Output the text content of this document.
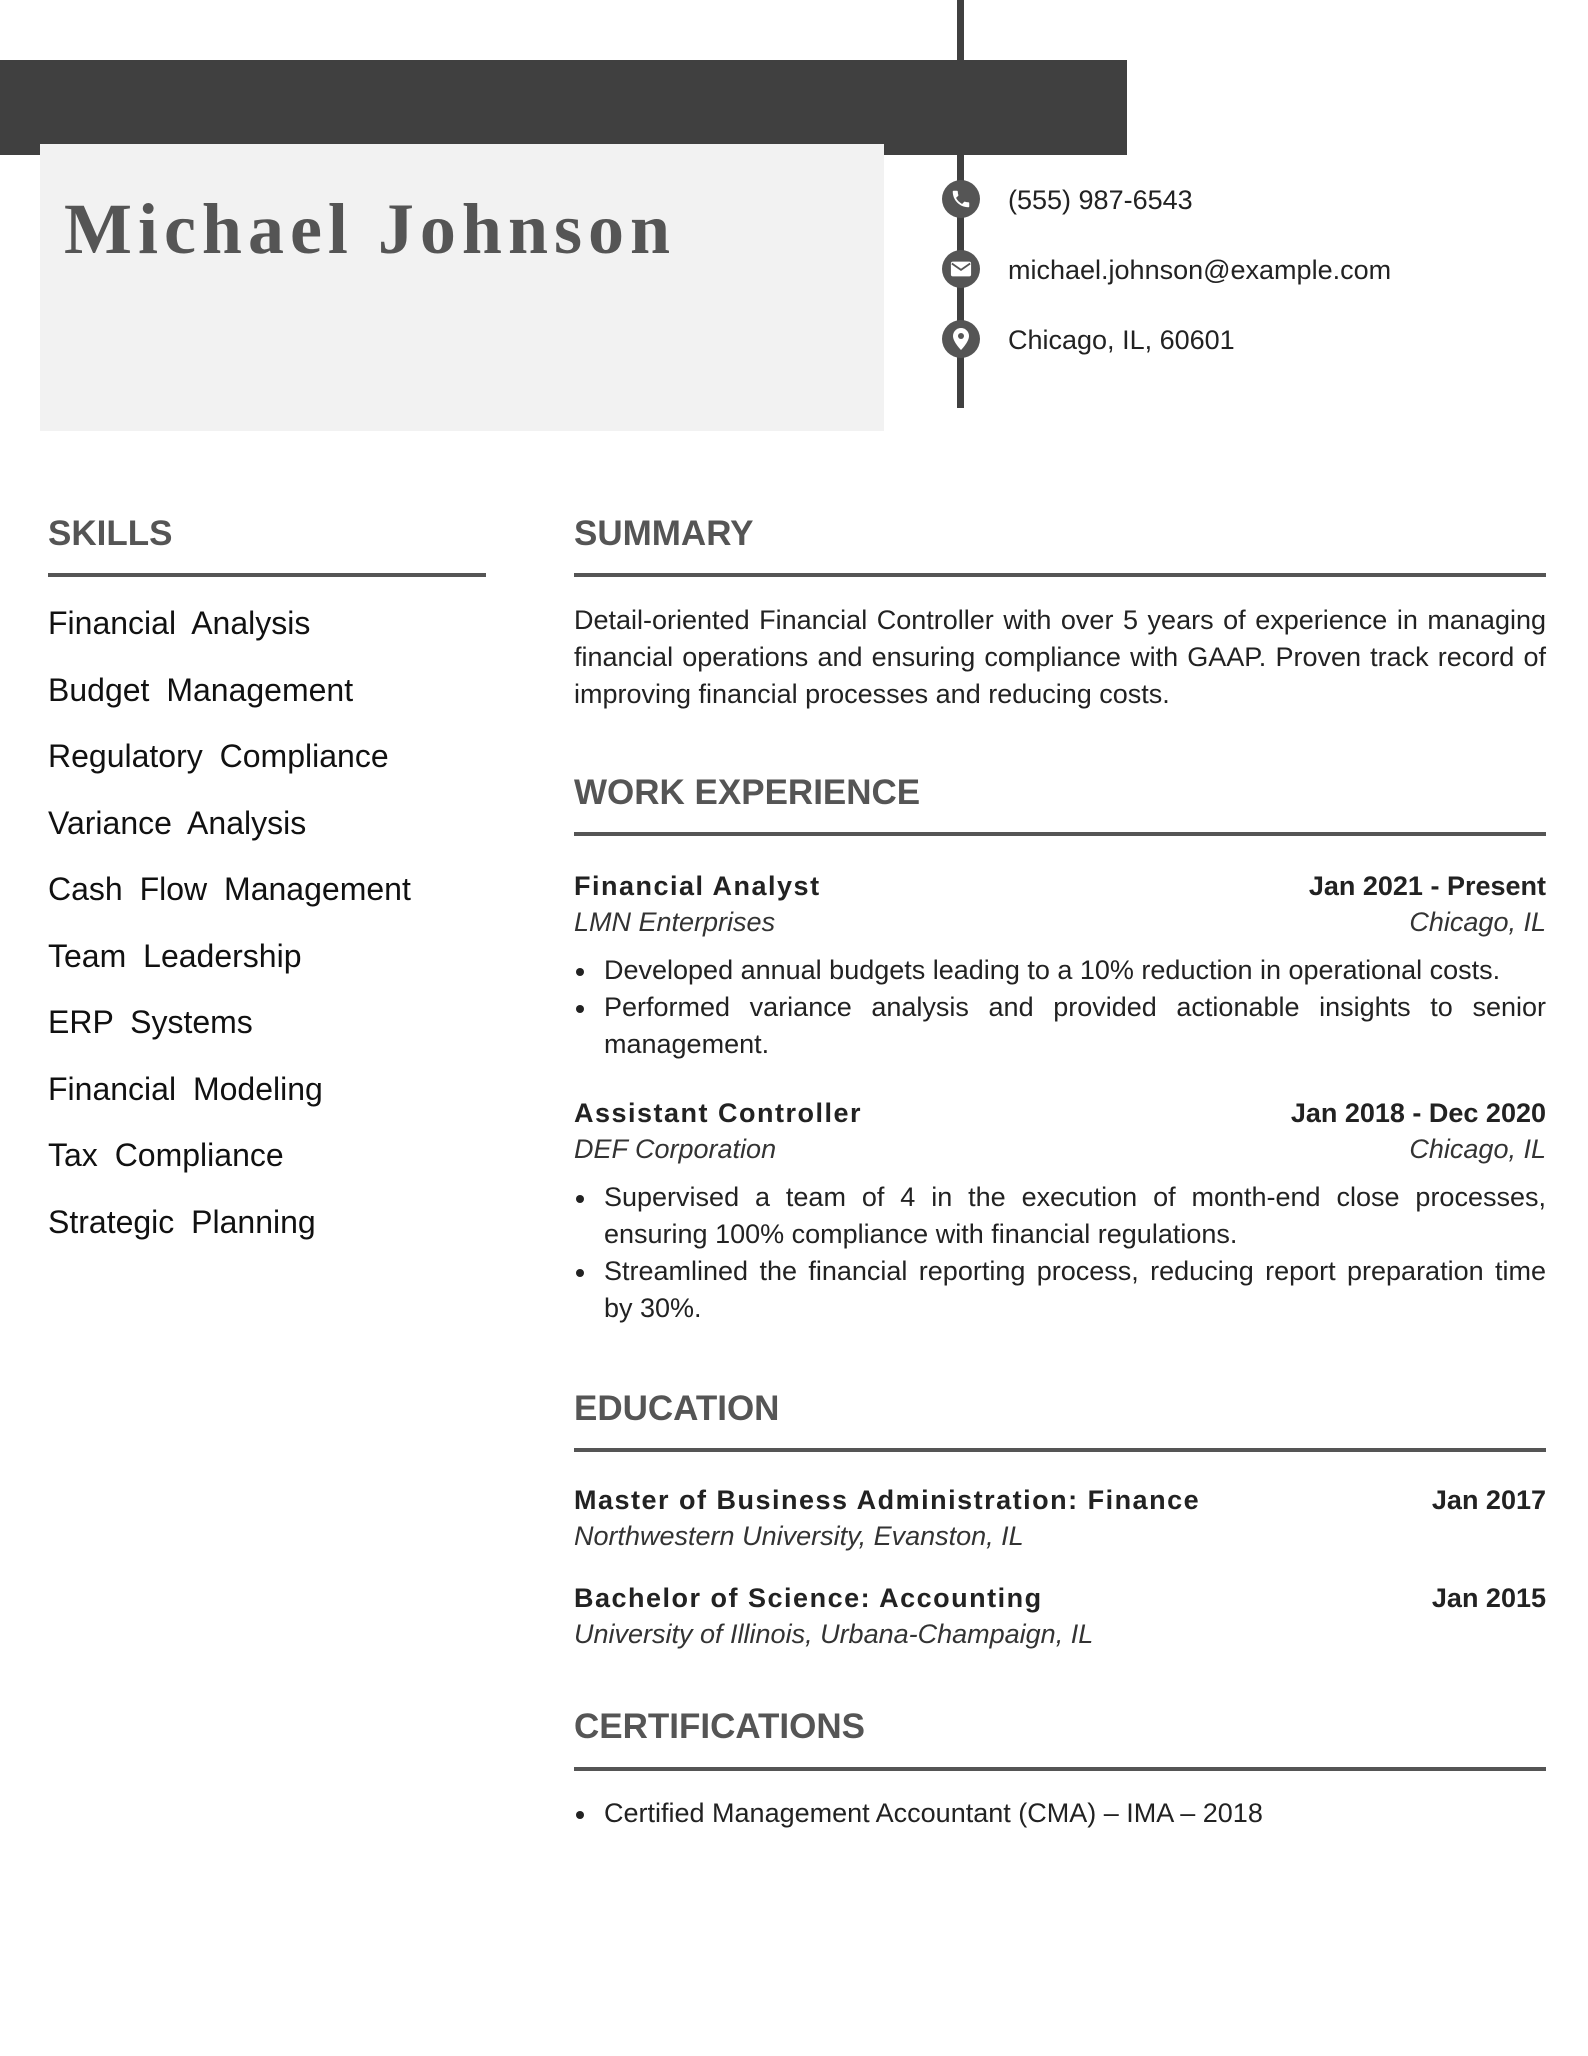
Michael Johnson	(555) 987-6543
michael.johnson@example.com
Chicago, IL, 60601
SKILLS
Financial Analysis
Budget Management
Regulatory Compliance
Variance Analysis
Cash Flow Management
Team Leadership
ERP Systems
Financial Modeling
Tax Compliance
Strategic Planning
SUMMARY

Detail-oriented Financial Controller with over 5 years of experience in managing financial operations and ensuring compliance with GAAP. Proven track record of improving financial processes and reducing costs.

WORK EXPERIENCE
Financial Analyst	Jan 2021 - Present
LMN Enterprises	Chicago, IL
Developed annual budgets leading to a 10% reduction in operational costs.
Performed variance analysis and provided actionable insights to senior management.
Assistant Controller	Jan 2018 - Dec 2020
DEF Corporation	Chicago, IL
Supervised a team of 4 in the execution of month-end close processes, ensuring 100% compliance with financial regulations.
Streamlined the financial reporting process, reducing report preparation time by 30%.
EDUCATION
Master of Business Administration: Finance	Jan 2017
Northwestern University, Evanston, IL
Bachelor of Science: Accounting	Jan 2015
University of Illinois, Urbana-Champaign, IL
CERTIFICATIONS
Certified Management Accountant (CMA) – IMA – 2018
